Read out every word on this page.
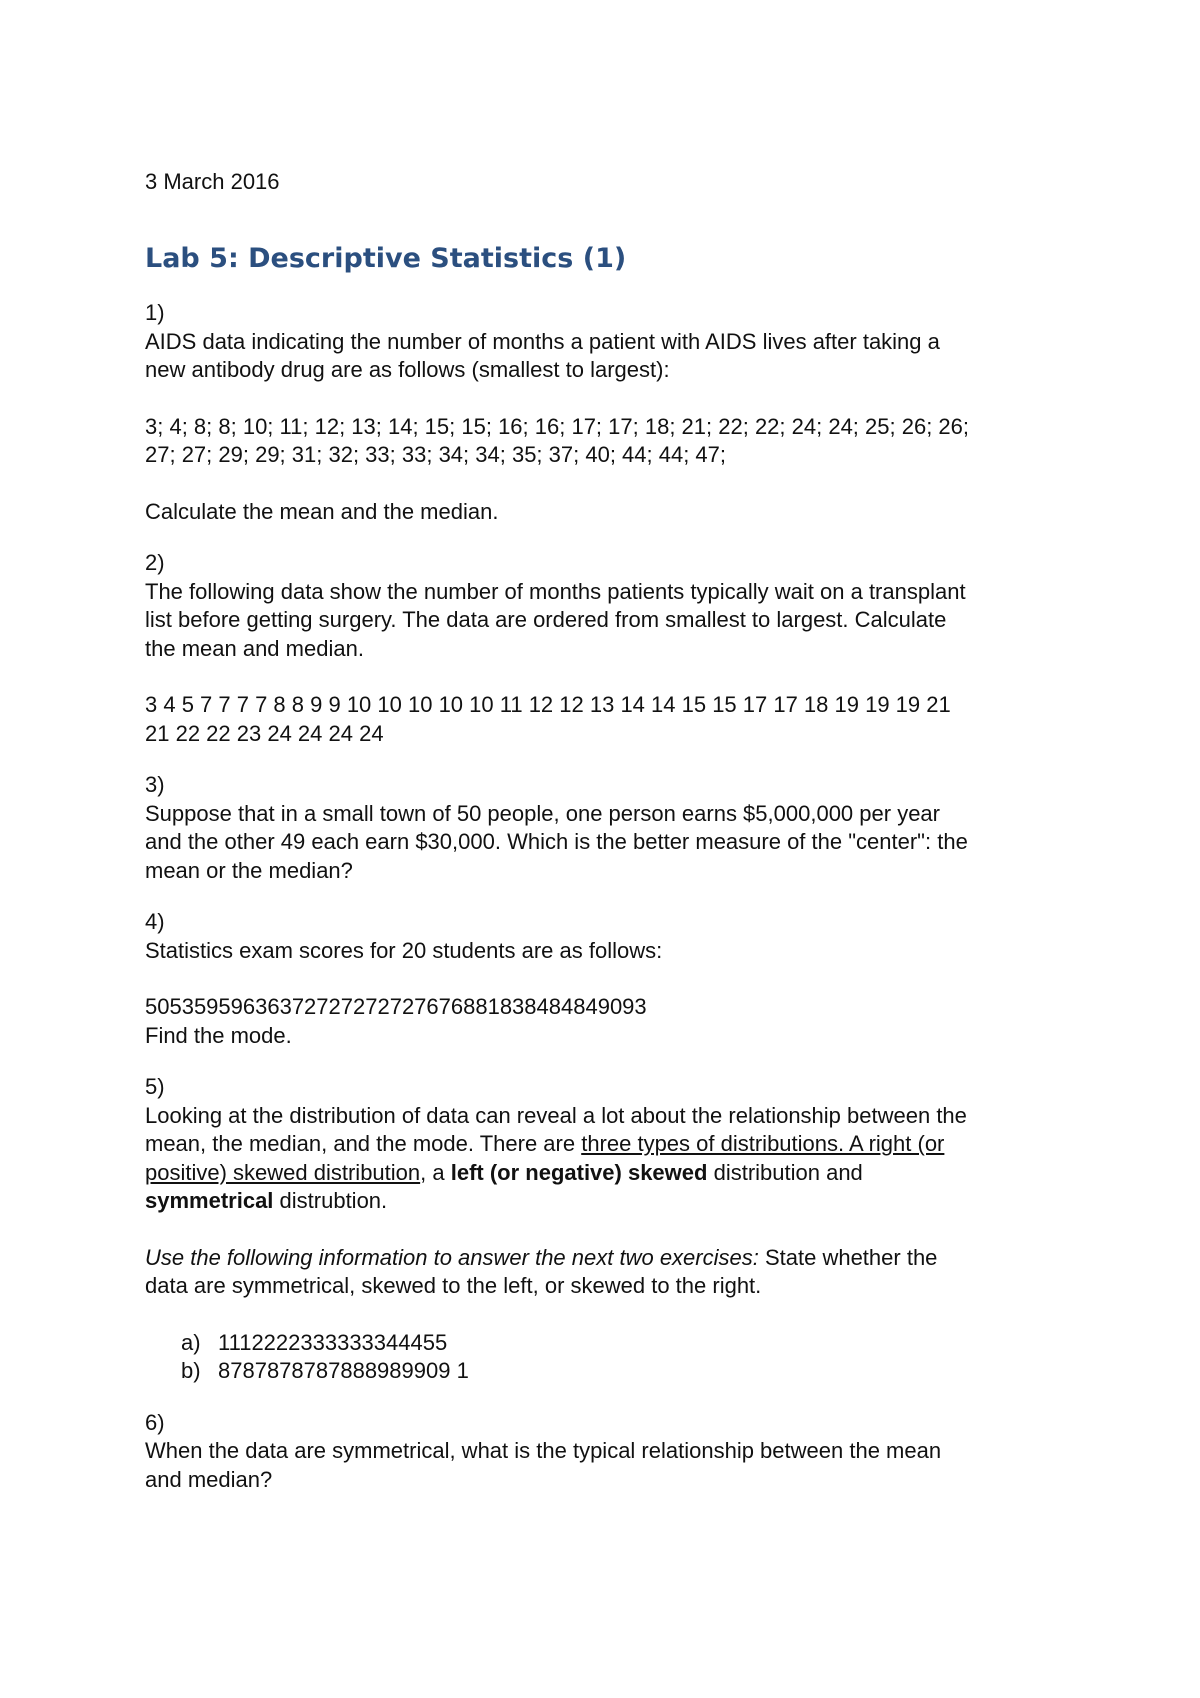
3 March 2016

Lab 5: Descriptive Statistics (1)

1)

AIDS data indicating the number of months a patient with AIDS lives after taking a

new antibody drug are as follows (smallest to largest):

3; 4; 8; 8; 10; 11; 12; 13; 14; 15; 15; 16; 16; 17; 17; 18; 21; 22; 22; 24; 24; 25; 26; 26;

27; 27; 29; 29; 31; 32; 33; 33; 34; 34; 35; 37; 40; 44; 44; 47;

Calculate the mean and the median.

2)

The following data show the number of months patients typically wait on a transplant

list before getting surgery. The data are ordered from smallest to largest. Calculate

the mean and median.

3 4 5 7 7 7 7 8 8 9 9 10 10 10 10 10 11 12 12 13 14 14 15 15 17 17 18 19 19 19 21

21 22 22 23 24 24 24 24

3)

Suppose that in a small town of 50 people, one person earns $5,000,000 per year

and the other 49 each earn $30,000. Which is the better measure of the "center": the

mean or the median?

4)

Statistics exam scores for 20 students are as follows:

50535959636372727272727676881838484849093

Find the mode.

5)

Looking at the distribution of data can reveal a lot about the relationship between the

mean, the median, and the mode. There are three types of distributions. A right (or

positive) skewed distribution, a left (or negative) skewed distribution and

symmetrical distrubtion.

Use the following information to answer the next two exercises: State whether the

data are symmetrical, skewed to the left, or skewed to the right.

a) 1112222333333344455
b) 8787878787888989909 1

6)

When the data are symmetrical, what is the typical relationship between the mean

and median?
